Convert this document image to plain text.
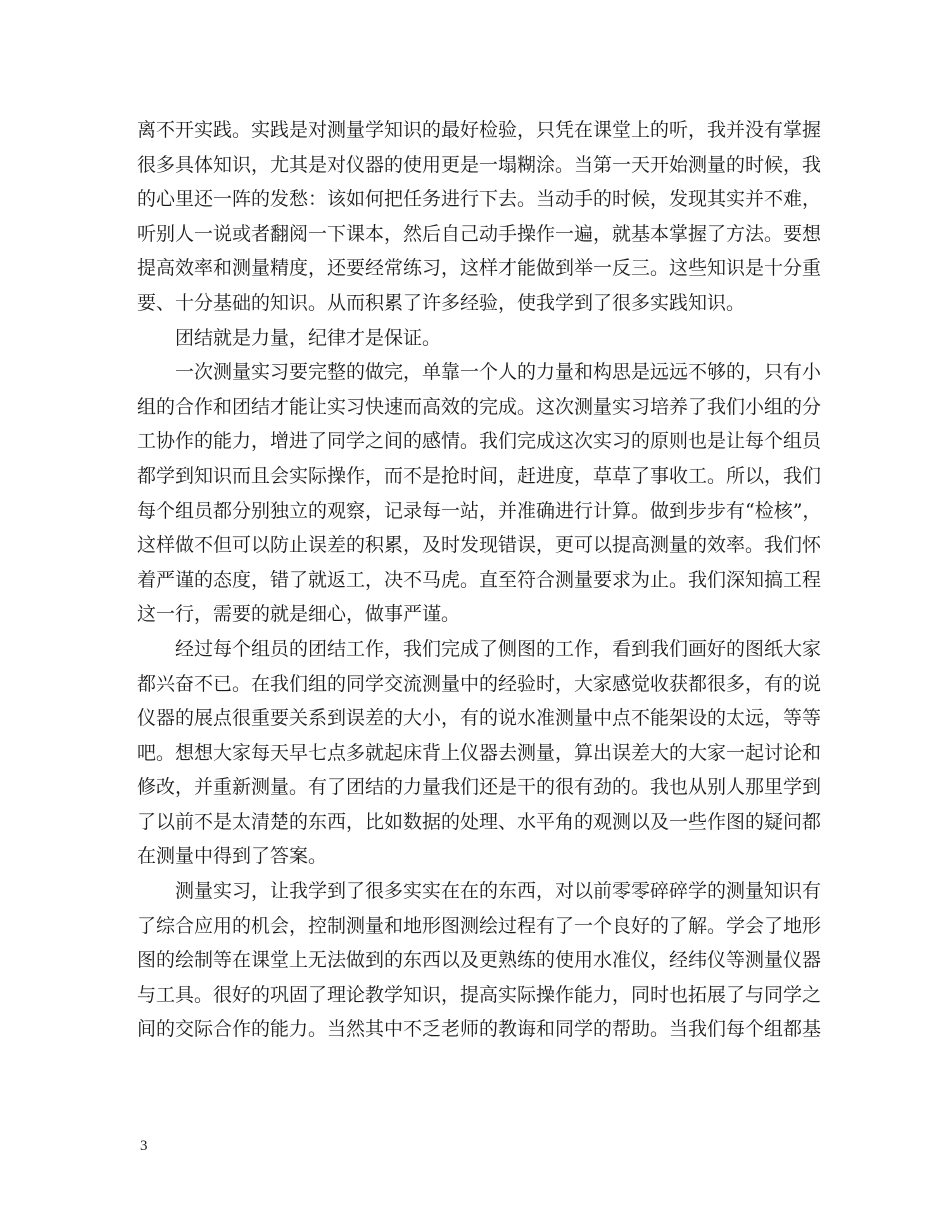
离不开实践。实践是对测量学知识的最好检验，只凭在课堂上的听，我并没有掌握
很多具体知识，尤其是对仪器的使用更是一塌糊涂。当第一天开始测量的时候，我
的心里还一阵的发愁：该如何把任务进行下去。当动手的时候，发现其实并不难，
听别人一说或者翻阅一下课本，然后自己动手操作一遍，就基本掌握了方法。要想
提高效率和测量精度，还要经常练习，这样才能做到举一反三。这些知识是十分重
要、十分基础的知识。从而积累了许多经验，使我学到了很多实践知识。
团结就是力量，纪律才是保证。
一次测量实习要完整的做完，单靠一个人的力量和构思是远远不够的，只有小
组的合作和团结才能让实习快速而高效的完成。这次测量实习培养了我们小组的分
工协作的能力，增进了同学之间的感情。我们完成这次实习的原则也是让每个组员
都学到知识而且会实际操作，而不是抢时间，赶进度，草草了事收工。所以，我们
每个组员都分别独立的观察，记录每一站，并准确进行计算。做到步步有“检核”，
这样做不但可以防止误差的积累，及时发现错误，更可以提高测量的效率。我们怀
着严谨的态度，错了就返工，决不马虎。直至符合测量要求为止。我们深知搞工程
这一行，需要的就是细心，做事严谨。
经过每个组员的团结工作，我们完成了侧图的工作，看到我们画好的图纸大家
都兴奋不已。在我们组的同学交流测量中的经验时，大家感觉收获都很多，有的说
仪器的展点很重要关系到误差的大小，有的说水准测量中点不能架设的太远，等等
吧。想想大家每天早七点多就起床背上仪器去测量，算出误差大的大家一起讨论和
修改，并重新测量。有了团结的力量我们还是干的很有劲的。我也从别人那里学到
了以前不是太清楚的东西，比如数据的处理、水平角的观测以及一些作图的疑问都
在测量中得到了答案。
测量实习，让我学到了很多实实在在的东西，对以前零零碎碎学的测量知识有
了综合应用的机会，控制测量和地形图测绘过程有了一个良好的了解。学会了地形
图的绘制等在课堂上无法做到的东西以及更熟练的使用水准仪，经纬仪等测量仪器
与工具。很好的巩固了理论教学知识，提高实际操作能力，同时也拓展了与同学之
间的交际合作的能力。当然其中不乏老师的教诲和同学的帮助。当我们每个组都基
3
